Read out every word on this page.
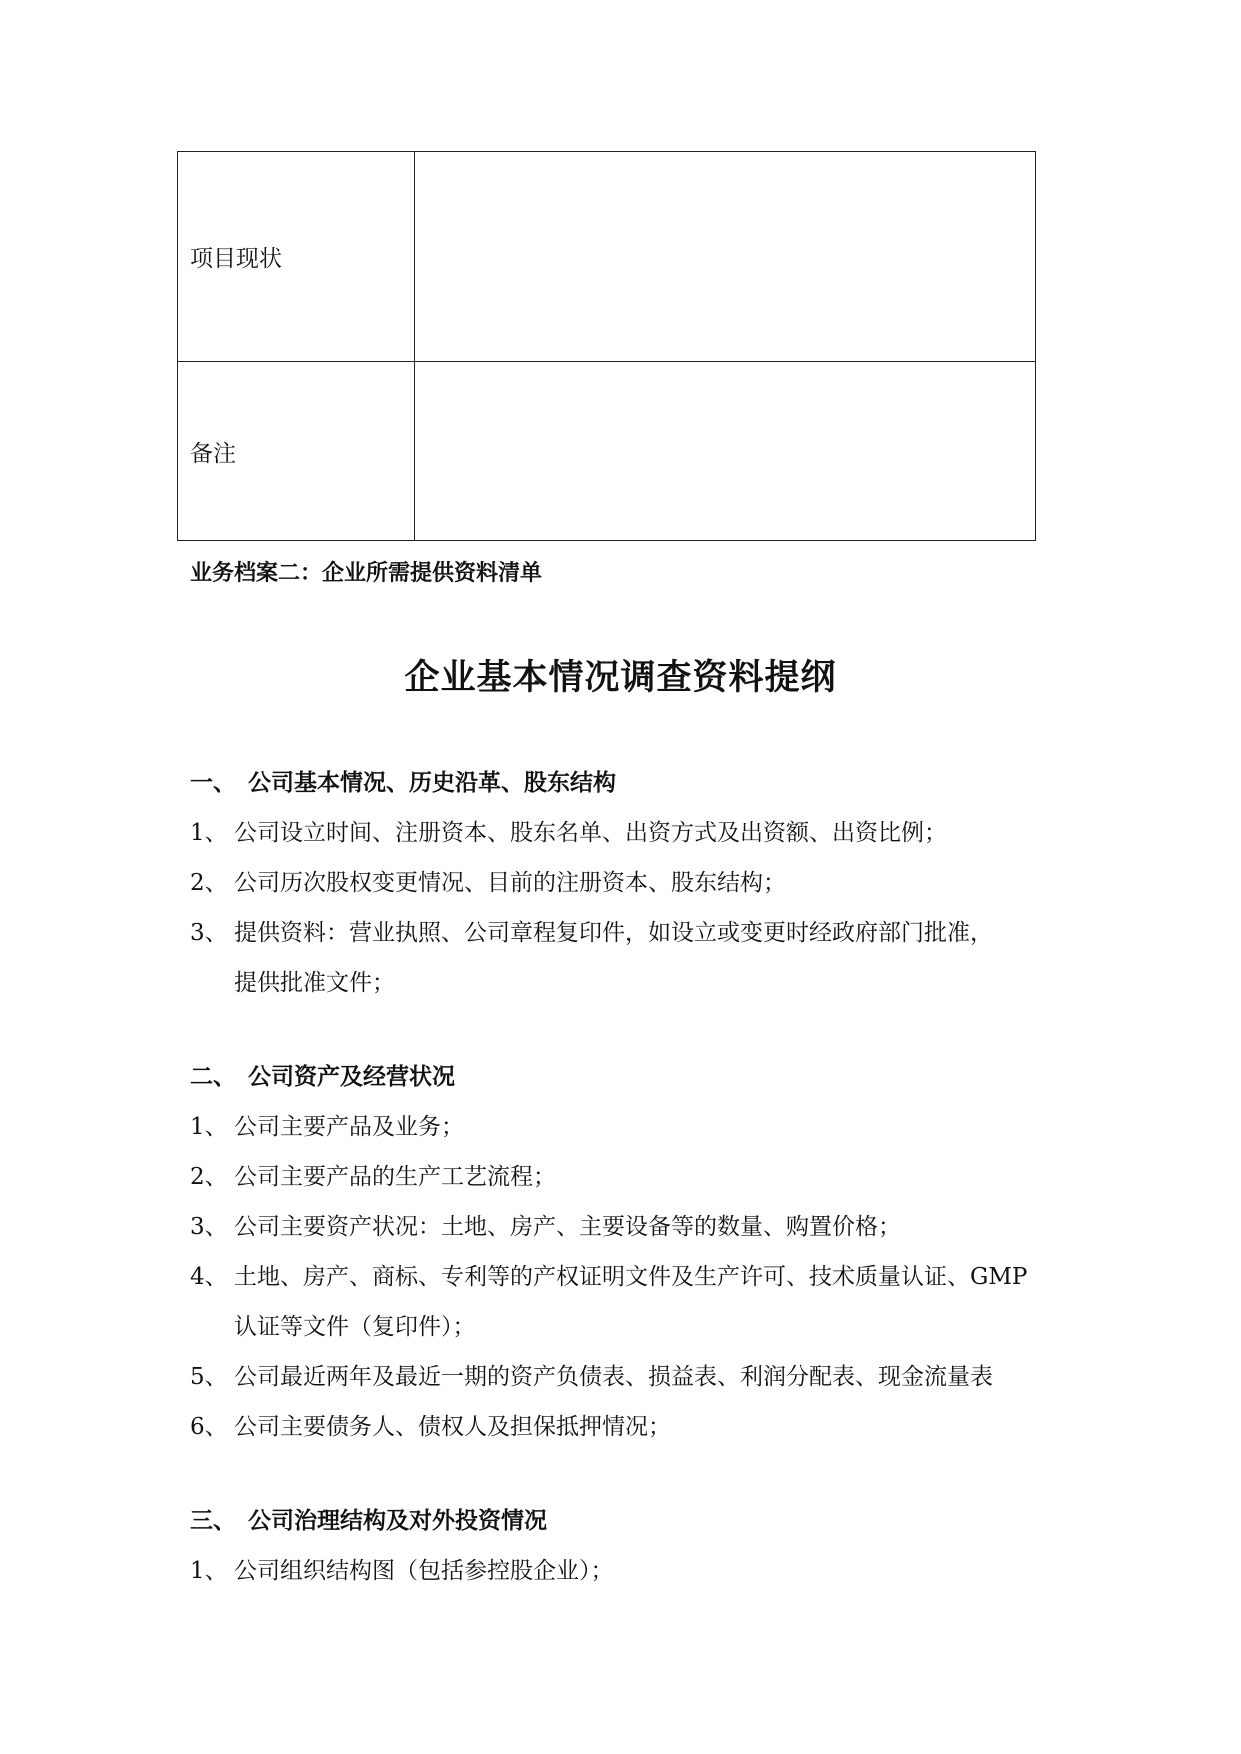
项目现状	
备注	
业务档案二：企业所需提供资料清单
企业基本情况调查资料提纲
一、 公司基本情况、历史沿革、股东结构
1、 公司设立时间、注册资本、股东名单、出资方式及出资额、出资比例；
2、 公司历次股权变更情况、目前的注册资本、股东结构；
3、 提供资料：营业执照、公司章程复印件，如设立或变更时经政府部门批准，
提供批准文件；
二、 公司资产及经营状况
1、 公司主要产品及业务；
2、 公司主要产品的生产工艺流程；
3、 公司主要资产状况：土地、房产、主要设备等的数量、购置价格；
4、 土地、房产、商标、专利等的产权证明文件及生产许可、技术质量认证、GMP
认证等文件（复印件）；
5、 公司最近两年及最近一期的资产负债表、损益表、利润分配表、现金流量表
6、 公司主要债务人、债权人及担保抵押情况；
三、 公司治理结构及对外投资情况
1、 公司组织结构图（包括参控股企业）；
